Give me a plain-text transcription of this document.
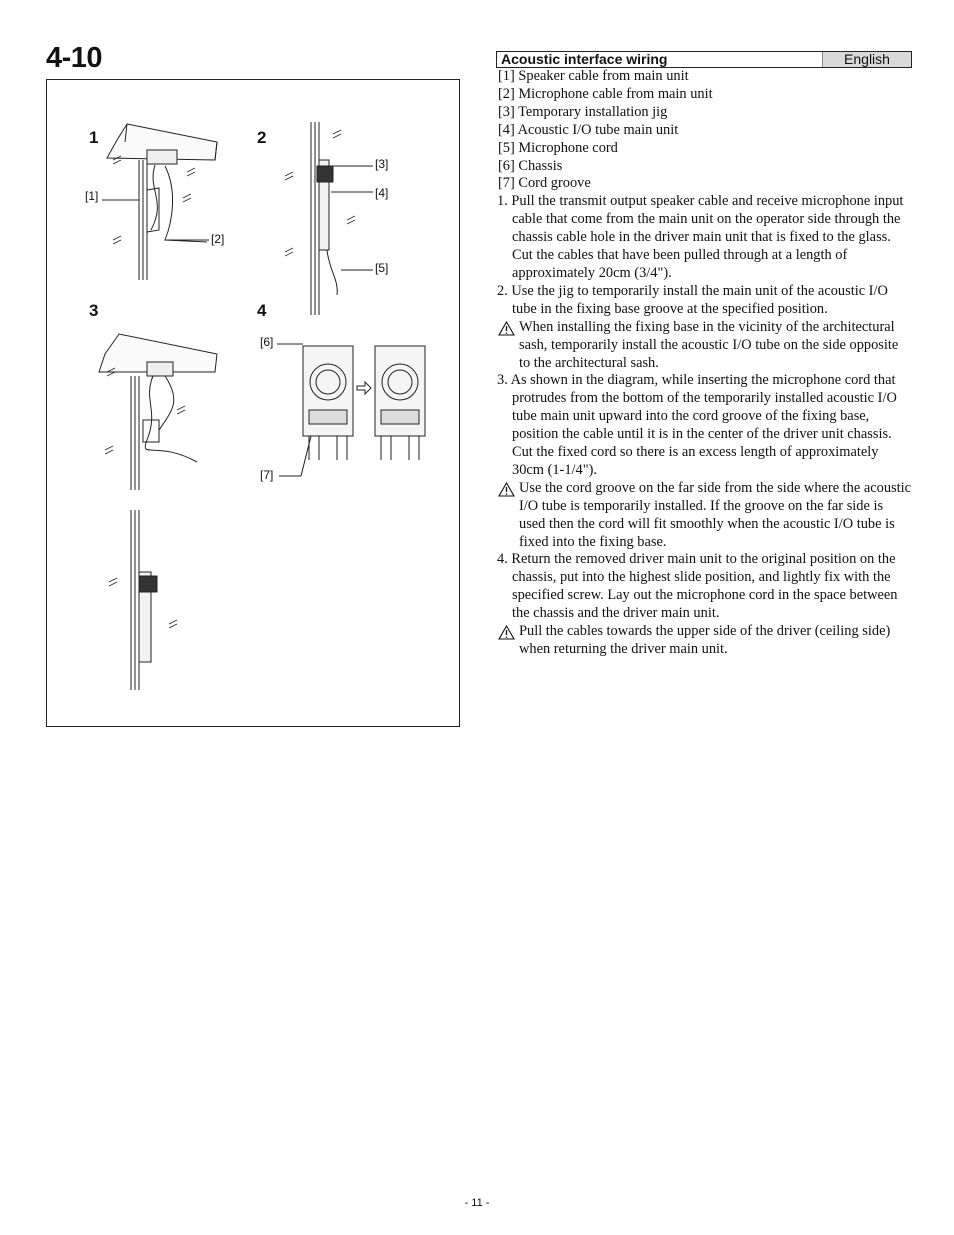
4-10
1	2
3	4
[1]
[2]
[3]
[4]
[5]
[6]
[7]
Acoustic interface wiring	English
[1] Speaker cable from main unit
[2] Microphone cable from main unit
[3] Temporary installation jig
[4] Acoustic I/O tube main unit
[5] Microphone cord
[6] Chassis
[7] Cord groove
1. Pull the transmit output speaker cable and receive microphone input cable that come from the main unit on the operator side through the chassis cable hole in the driver main unit that is fixed to the glass. Cut the cables that have been pulled through at a length of approximately 20cm (3/4").
2. Use the jig to temporarily install the main unit of the acoustic I/O tube in the fixing base groove at the specified position.
When installing the fixing base in the vicinity of the architectural sash, temporarily install the acoustic I/O tube on the side opposite to the architectural sash.
3. As shown in the diagram, while inserting the microphone cord that protrudes from the bottom of the temporarily installed acoustic I/O tube main unit upward into the cord groove of the fixing base, position the cable until it is in the center of the driver unit chassis. Cut the fixed cord so there is an excess length of approximately 30cm (1-1/4").
Use the cord groove on the far side from the side where the acoustic I/O tube is temporarily installed. If the groove on the far side is used then the cord will fit smoothly when the acoustic I/O tube is fixed into the fixing base.
4. Return the removed driver main unit to the original position on the chassis, put into the highest slide position, and lightly fix with the specified screw. Lay out the microphone cord in the space between the chassis and the driver main unit.
Pull the cables towards the upper side of the driver (ceiling side) when returning the driver main unit.
- 11 -
